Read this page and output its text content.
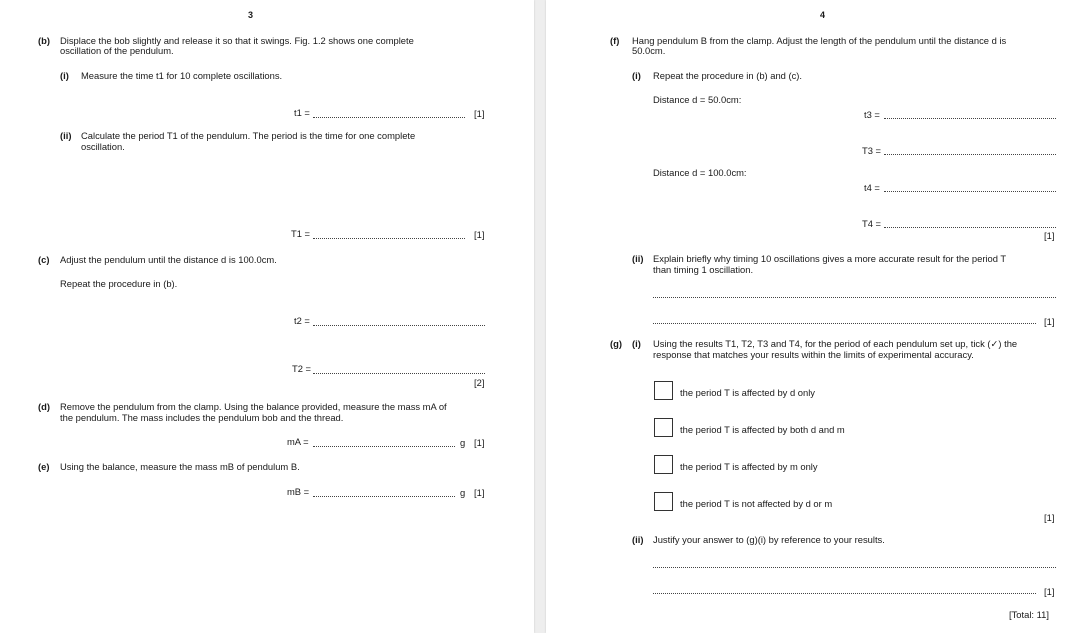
3
(b) Displace the bob slightly and release it so that it swings. Fig. 1.2 shows one complete
oscillation of the pendulum.
(i) Measure the time t1 for 10 complete oscillations.
t1 =	[1]
(ii) Calculate the period T1 of the pendulum. The period is the time for one complete
oscillation.
T1 =	[1]
(c) Adjust the pendulum until the distance d is 100.0cm.
Repeat the procedure in (b).
t2 =
T2 =
[2]
(d) Remove the pendulum from the clamp. Using the balance provided, measure the mass mA of
the pendulum. The mass includes the pendulum bob and the thread.
mA =	g [1]
(e) Using the balance, measure the mass mB of pendulum B.
mB =	g [1]
4
(f) Hang pendulum B from the clamp. Adjust the length of the pendulum until the distance d is
50.0cm.
(i) Repeat the procedure in (b) and (c).
Distance d = 50.0cm:
t3 =
T3 =
Distance d = 100.0cm:
t4 =
T4 =
[1]
(ii) Explain briefly why timing 10 oscillations gives a more accurate result for the period T
than timing 1 oscillation.
[1]
(g) (i) Using the results T1, T2, T3 and T4, for the period of each pendulum set up, tick (✓) the
response that matches your results within the limits of experimental accuracy.
the period T is affected by d only
the period T is affected by both d and m
the period T is affected by m only
the period T is not affected by d or m
[1]
(ii) Justify your answer to (g)(i) by reference to your results.
[1]
[Total: 11]
